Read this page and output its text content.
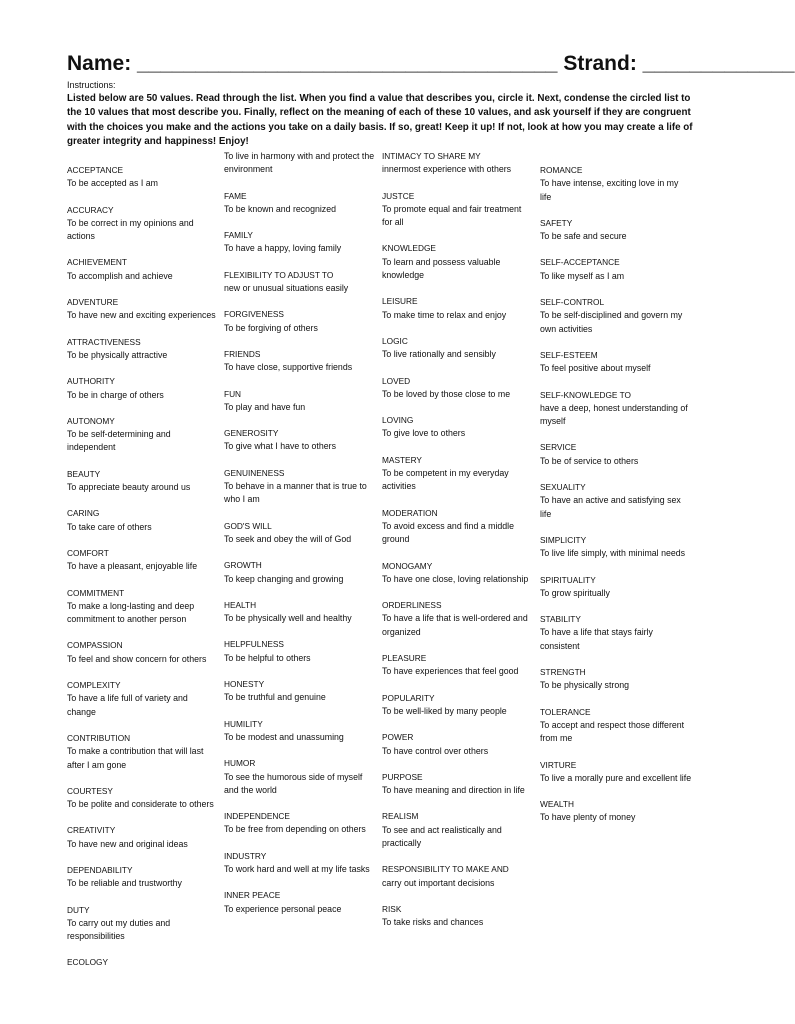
Name: ____________________________________ Strand: _____________
Instructions:
Listed below are 50 values. Read through the list. When you find a value that describes you, circle it. Next, condense the circled list to the 10 values that most describe you. Finally, reflect on the meaning of each of these 10 values, and ask yourself if they are congruent with the choices you make and the actions you take on a daily basis. If so, great! Keep it up! If not, look at how you may create a life of greater integrity and happiness! Enjoy!
ACCEPTANCE
To be accepted as I am
ACCURACY
To be correct in my opinions and actions
ACHIEVEMENT
To accomplish and achieve
ADVENTURE
To have new and exciting experiences
ATTRACTIVENESS
To be physically attractive
AUTHORITY
To be in charge of others
AUTONOMY
To be self-determining and independent
BEAUTY
To appreciate beauty around us
CARING
To take care of others
COMFORT
To have a pleasant, enjoyable life
COMMITMENT
To make a long-lasting and deep commitment to another person
COMPASSION
To feel and show concern for others
COMPLEXITY
To have a life full of variety and change
CONTRIBUTION
To make a contribution that will last after I am gone
COURTESY
To be polite and considerate to others
CREATIVITY
To have new and original ideas
DEPENDABILITY
To be reliable and trustworthy
DUTY
To carry out my duties and responsibilities
ECOLOGY
To live in harmony with and protect the environment
FAME
To be known and recognized
FAMILY
To have a happy, loving family
FLEXIBILITY TO ADJUST TO
new or unusual situations easily
FORGIVENESS
To be forgiving of others
FRIENDS
To have close, supportive friends
FUN
To play and have fun
GENEROSITY
To give what I have to others
GENUINENESS
To behave in a manner that is true to who I am
GOD'S WILL
To seek and obey the will of God
GROWTH
To keep changing and growing
HEALTH
To be physically well and healthy
HELPFULNESS
To be helpful to others
HONESTY
To be truthful and genuine
HUMILITY
To be modest and unassuming
HUMOR
To see the humorous side of myself and the world
INDEPENDENCE
To be free from depending on others
INDUSTRY
To work hard and well at my life tasks
INNER PEACE
To experience personal peace
INTIMACY TO SHARE MY
innermost experience with others
JUSTCE
To promote equal and fair treatment for all
KNOWLEDGE
To learn and possess valuable knowledge
LEISURE
To make time to relax and enjoy
LOGIC
To live rationally and sensibly
LOVED
To be loved by those close to me
LOVING
To give love to others
MASTERY
To be competent in my everyday activities
MODERATION
To avoid excess and find a middle ground
MONOGAMY
To have one close, loving relationship
ORDERLINESS
To have a life that is well-ordered and organized
PLEASURE
To have experiences that feel good
POPULARITY
To be well-liked by many people
POWER
To have control over others
PURPOSE
To have meaning and direction in life
REALISM
To see and act realistically and practically
RESPONSIBILITY TO MAKE AND
carry out important decisions
RISK
To take risks and chances
ROMANCE
To have intense, exciting love in my life
SAFETY
To be safe and secure
SELF-ACCEPTANCE
To like myself as I am
SELF-CONTROL
To be self-disciplined and govern my own activities
SELF-ESTEEM
To feel positive about myself
SELF-KNOWLEDGE TO
have a deep, honest understanding of myself
SERVICE
To be of service to others
SEXUALITY
To have an active and satisfying sex life
SIMPLICITY
To live life simply, with minimal needs
SPIRITUALITY
To grow spiritually
STABILITY
To have a life that stays fairly consistent
STRENGTH
To be physically strong
TOLERANCE
To accept and respect those different from me
VIRTURE
To live a morally pure and excellent life
WEALTH
To have plenty of money
